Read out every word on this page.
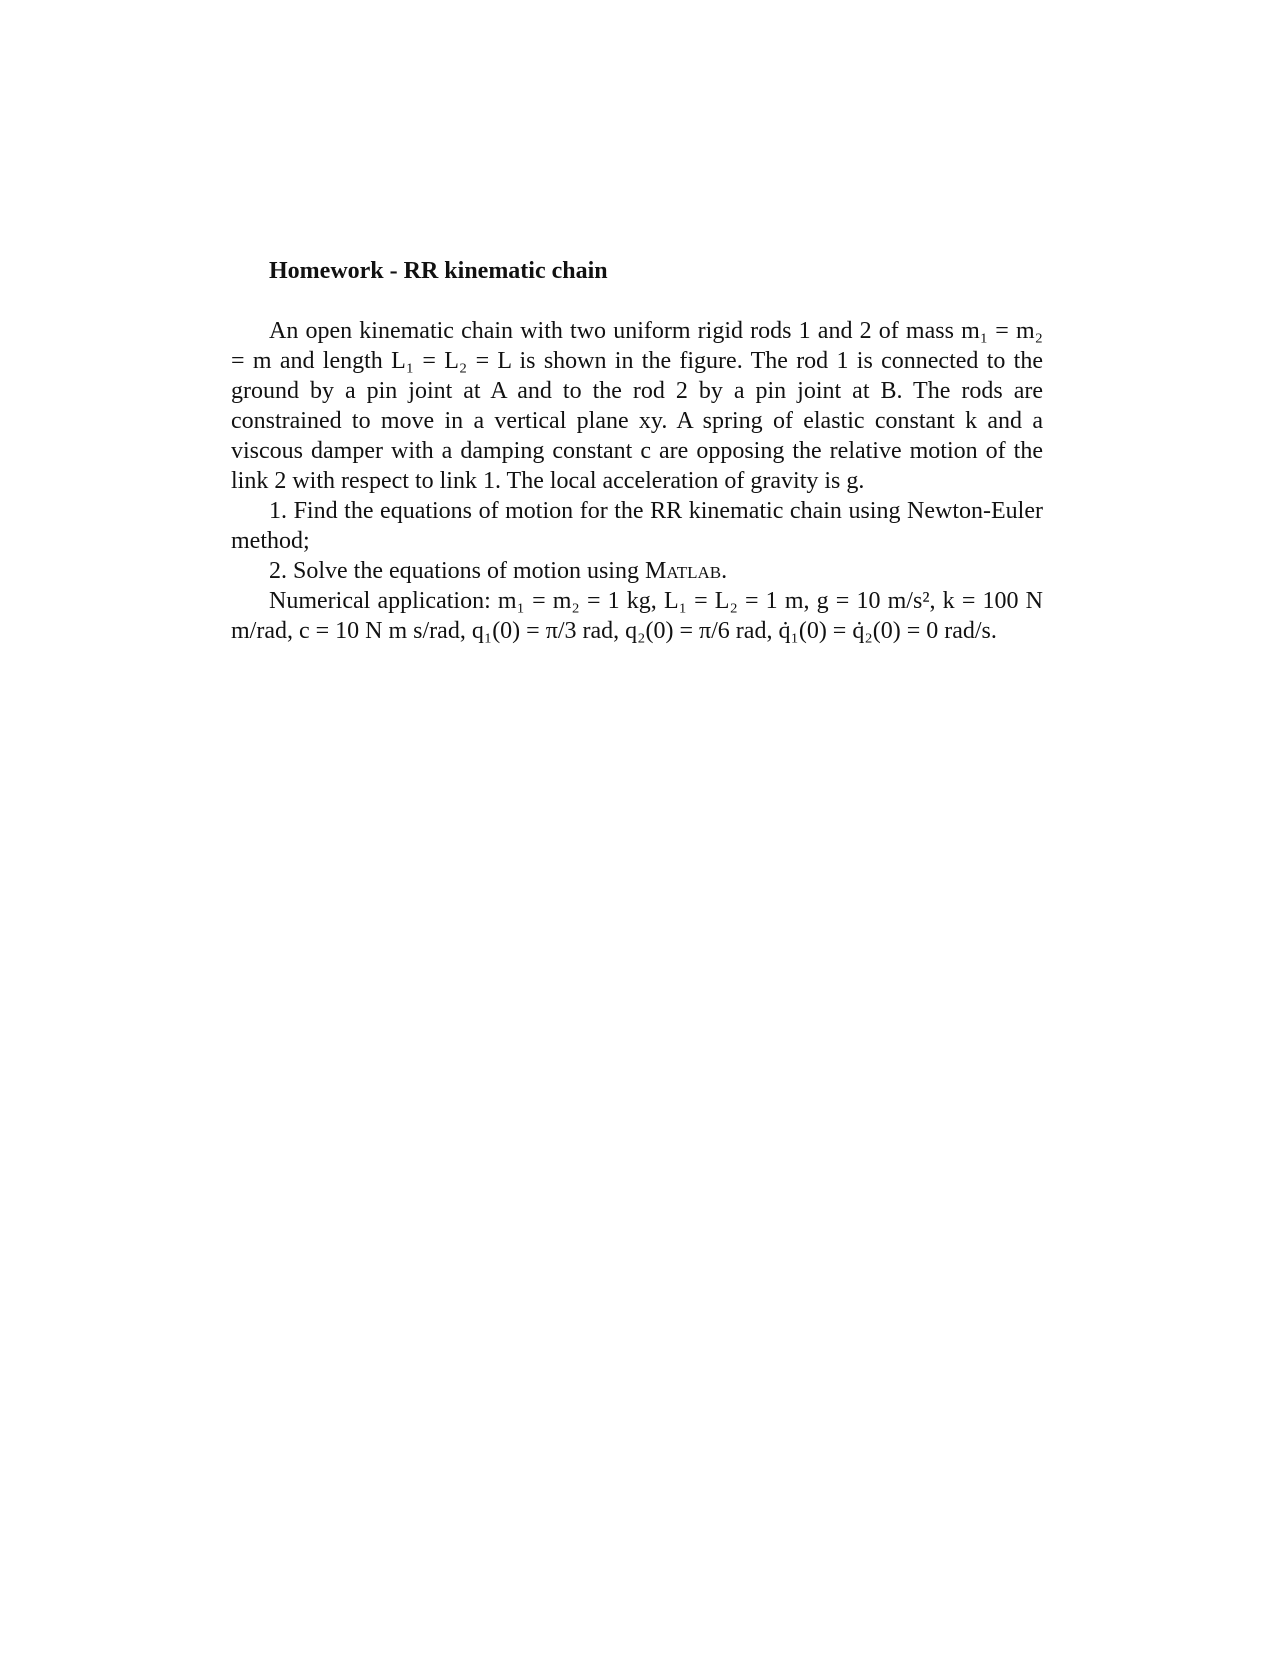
Homework - RR kinematic chain

An open kinematic chain with two uniform rigid rods 1 and 2 of mass m₁ = m₂ = m and length L₁ = L₂ = L is shown in the figure. The rod 1 is connected to the ground by a pin joint at A and to the rod 2 by a pin joint at B. The rods are constrained to move in a vertical plane xy. A spring of elastic constant k and a viscous damper with a damping constant c are opposing the relative motion of the link 2 with respect to link 1. The local acceleration of gravity is g.

1. Find the equations of motion for the RR kinematic chain using Newton-Euler method;

2. Solve the equations of motion using Matlab.

Numerical application: m₁ = m₂ = 1 kg, L₁ = L₂ = 1 m, g = 10 m/s², k = 100 N m/rad, c = 10 N m s/rad, q₁(0) = π/3 rad, q₂(0) = π/6 rad, q̇₁(0) = q̇₂(0) = 0 rad/s.
